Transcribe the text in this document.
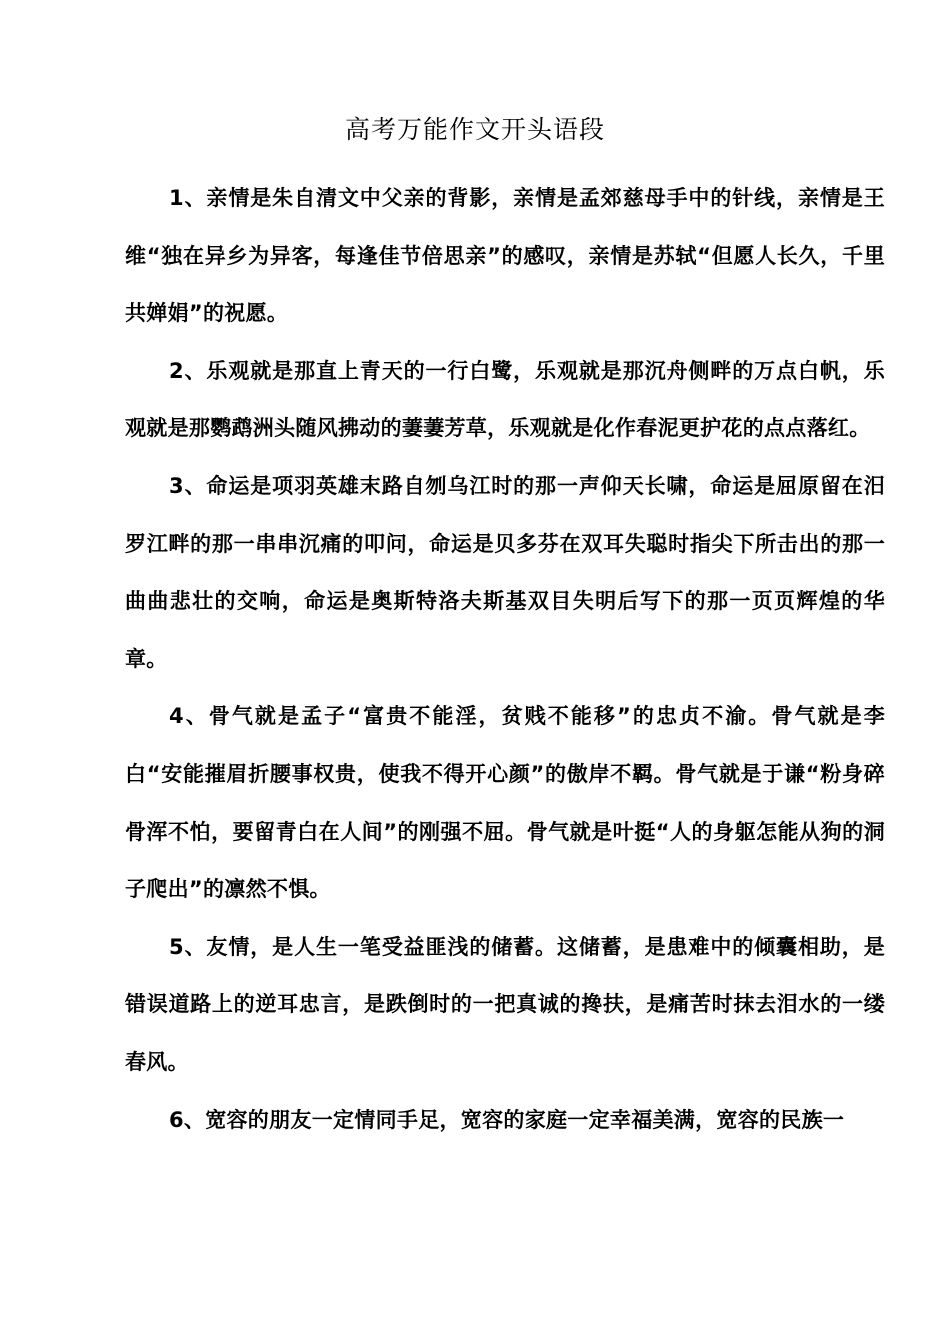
高考万能作文开头语段

1、亲情是朱自清文中父亲的背影，亲情是孟郊慈母手中的针线，亲情是王维“独在异乡为异客，每逢佳节倍思亲”的感叹，亲情是苏轼“但愿人长久，千里共婵娟”的祝愿。

2、乐观就是那直上青天的一行白鹭，乐观就是那沉舟侧畔的万点白帆，乐观就是那鹦鹉洲头随风拂动的萋萋芳草，乐观就是化作春泥更护花的点点落红。

3、命运是项羽英雄末路自刎乌江时的那一声仰天长啸，命运是屈原留在汨罗江畔的那一串串沉痛的叩问，命运是贝多芬在双耳失聪时指尖下所击出的那一曲曲悲壮的交响，命运是奥斯特洛夫斯基双目失明后写下的那一页页辉煌的华章。

4、骨气就是孟子“富贵不能淫，贫贱不能移”的忠贞不渝。骨气就是李白“安能摧眉折腰事权贵，使我不得开心颜”的傲岸不羁。骨气就是于谦“粉身碎骨浑不怕，要留青白在人间”的刚强不屈。骨气就是叶挺“人的身躯怎能从狗的洞子爬出”的凛然不惧。

5、友情，是人生一笔受益匪浅的储蓄。这储蓄，是患难中的倾囊相助，是错误道路上的逆耳忠言，是跌倒时的一把真诚的搀扶，是痛苦时抹去泪水的一缕春风。

6、宽容的朋友一定情同手足，宽容的家庭一定幸福美满，宽容的民族一
